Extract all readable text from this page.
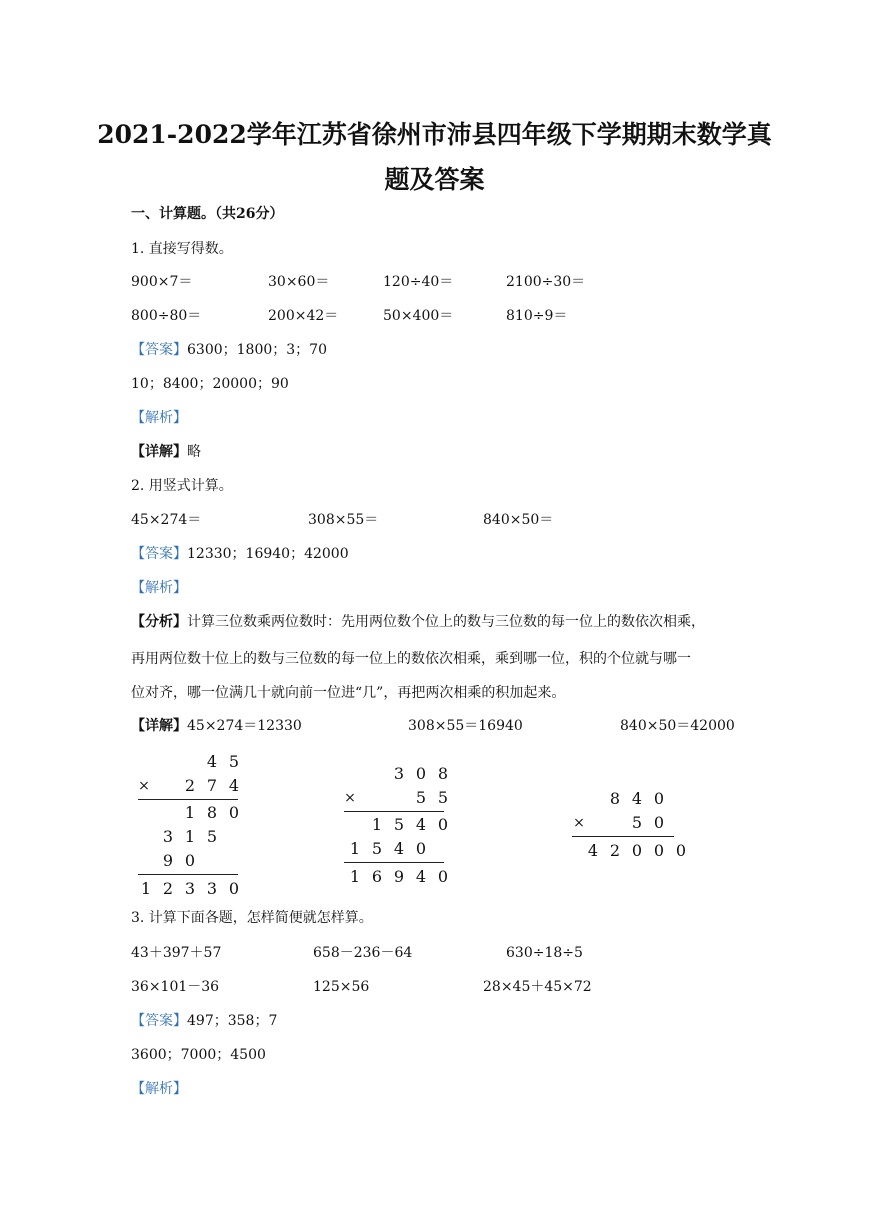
2021-2022学年江苏省徐州市沛县四年级下学期期末数学真
题及答案
一、计算题。（共26分）
1. 直接写得数。
900×7＝	30×60＝	120÷40＝	2100÷30＝
800÷80＝	200×42＝	50×400＝	810÷9＝
【答案】6300；1800；3；70
10；8400；20000；90
【解析】
【详解】略
2. 用竖式计算。
45×274＝	308×55＝	840×50＝
【答案】12330；16940；42000
【解析】
【分析】计算三位数乘两位数时：先用两位数个位上的数与三位数的每一位上的数依次相乘，
再用两位数十位上的数与三位数的每一位上的数依次相乘，乘到哪一位，积的个位就与哪一
位对齐，哪一位满几十就向前一位进“几”，再把两次相乘的积加起来。
【详解】45×274＝12330	308×55＝16940	840×50＝42000
4 5
×	2 7 4
1 8 0
3 1 5
9 0
1 2 3 3 0
3 0 8
×	5 5
1 5 4 0
1 5 4 0
1 6 9 4 0
8 4 0
×	5 0
4 2 0 0 0
3. 计算下面各题，怎样简便就怎样算。
43＋397＋57	658－236－64	630÷18÷5
36×101－36	125×56	28×45＋45×72
【答案】497；358；7
3600；7000；4500
【解析】
